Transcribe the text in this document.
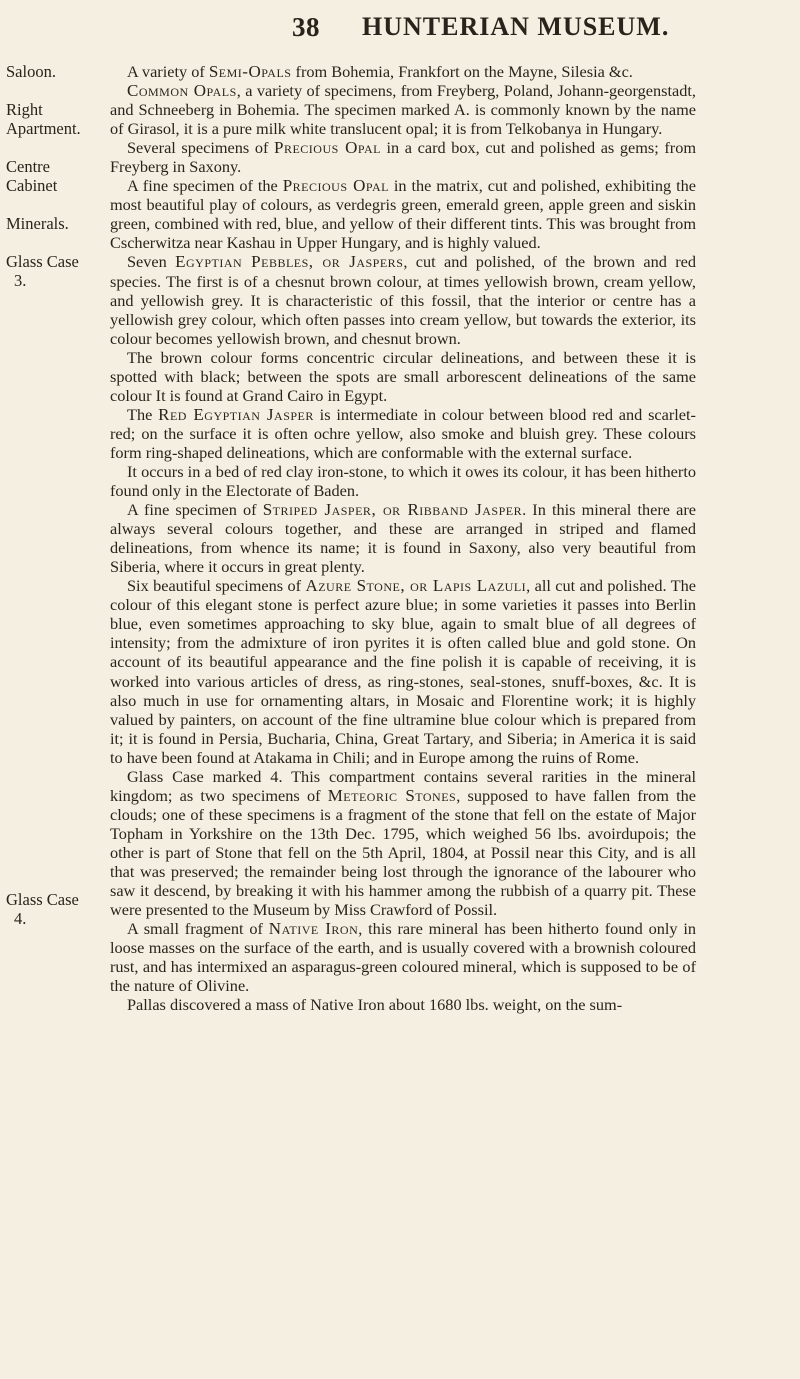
38 HUNTERIAN MUSEUM.
Saloon.
Right
Apartment.
Centre
Cabinet
Minerals.
Glass Case
3.
Glass Case
4.

A variety of Semi-Opals from Bohemia, Frankfort on the Mayne, Silesia &c.

Common Opals, a variety of specimens, from Freyberg, Poland, Johann-georgenstadt, and Schneeberg in Bohemia. The specimen marked A. is commonly known by the name of Girasol, it is a pure milk white translucent opal; it is from Telkobanya in Hungary.

Several specimens of Precious Opal in a card box, cut and polished as gems; from Freyberg in Saxony.

A fine specimen of the Precious Opal in the matrix, cut and polished, exhibiting the most beautiful play of colours, as verdegris green, emerald green, apple green and siskin green, combined with red, blue, and yellow of their different tints. This was brought from Cscherwitza near Kashau in Upper Hungary, and is highly valued.

Seven Egyptian Pebbles, or Jaspers, cut and polished, of the brown and red species. The first is of a chesnut brown colour, at times yellowish brown, cream yellow, and yellowish grey. It is characteristic of this fossil, that the interior or centre has a yellowish grey colour, which often passes into cream yellow, but towards the exterior, its colour becomes yellowish brown, and chesnut brown.

The brown colour forms concentric circular delineations, and between these it is spotted with black; between the spots are small arborescent delineations of the same colour It is found at Grand Cairo in Egypt.

The Red Egyptian Jasper is intermediate in colour between blood red and scarlet-red; on the surface it is often ochre yellow, also smoke and bluish grey. These colours form ring-shaped delineations, which are conformable with the external surface.

It occurs in a bed of red clay iron-stone, to which it owes its colour, it has been hitherto found only in the Electorate of Baden.

A fine specimen of Striped Jasper, or Ribband Jasper. In this mineral there are always several colours together, and these are arranged in striped and flamed delineations, from whence its name; it is found in Saxony, also very beautiful from Siberia, where it occurs in great plenty.

Six beautiful specimens of Azure Stone, or Lapis Lazuli, all cut and polished. The colour of this elegant stone is perfect azure blue; in some varieties it passes into Berlin blue, even sometimes approaching to sky blue, again to smalt blue of all degrees of intensity; from the admixture of iron pyrites it is often called blue and gold stone. On account of its beautiful appearance and the fine polish it is capable of receiving, it is worked into various articles of dress, as ring-stones, seal-stones, snuff-boxes, &c. It is also much in use for ornamenting altars, in Mosaic and Florentine work; it is highly valued by painters, on account of the fine ultramine blue colour which is prepared from it; it is found in Persia, Bucharia, China, Great Tartary, and Siberia; in America it is said to have been found at Atakama in Chili; and in Europe among the ruins of Rome.

Glass Case marked 4. This compartment contains several rarities in the mineral kingdom; as two specimens of Meteoric Stones, supposed to have fallen from the clouds; one of these specimens is a fragment of the stone that fell on the estate of Major Topham in Yorkshire on the 13th Dec. 1795, which weighed 56 lbs. avoirdupois; the other is part of Stone that fell on the 5th April, 1804, at Possil near this City, and is all that was preserved; the remainder being lost through the ignorance of the labourer who saw it descend, by breaking it with his hammer among the rubbish of a quarry pit. These were presented to the Museum by Miss Crawford of Possil.

A small fragment of Native Iron, this rare mineral has been hitherto found only in loose masses on the surface of the earth, and is usually covered with a brownish coloured rust, and has intermixed an asparagus-green coloured mineral, which is supposed to be of the nature of Olivine.

Pallas discovered a mass of Native Iron about 1680 lbs. weight, on the sum-
